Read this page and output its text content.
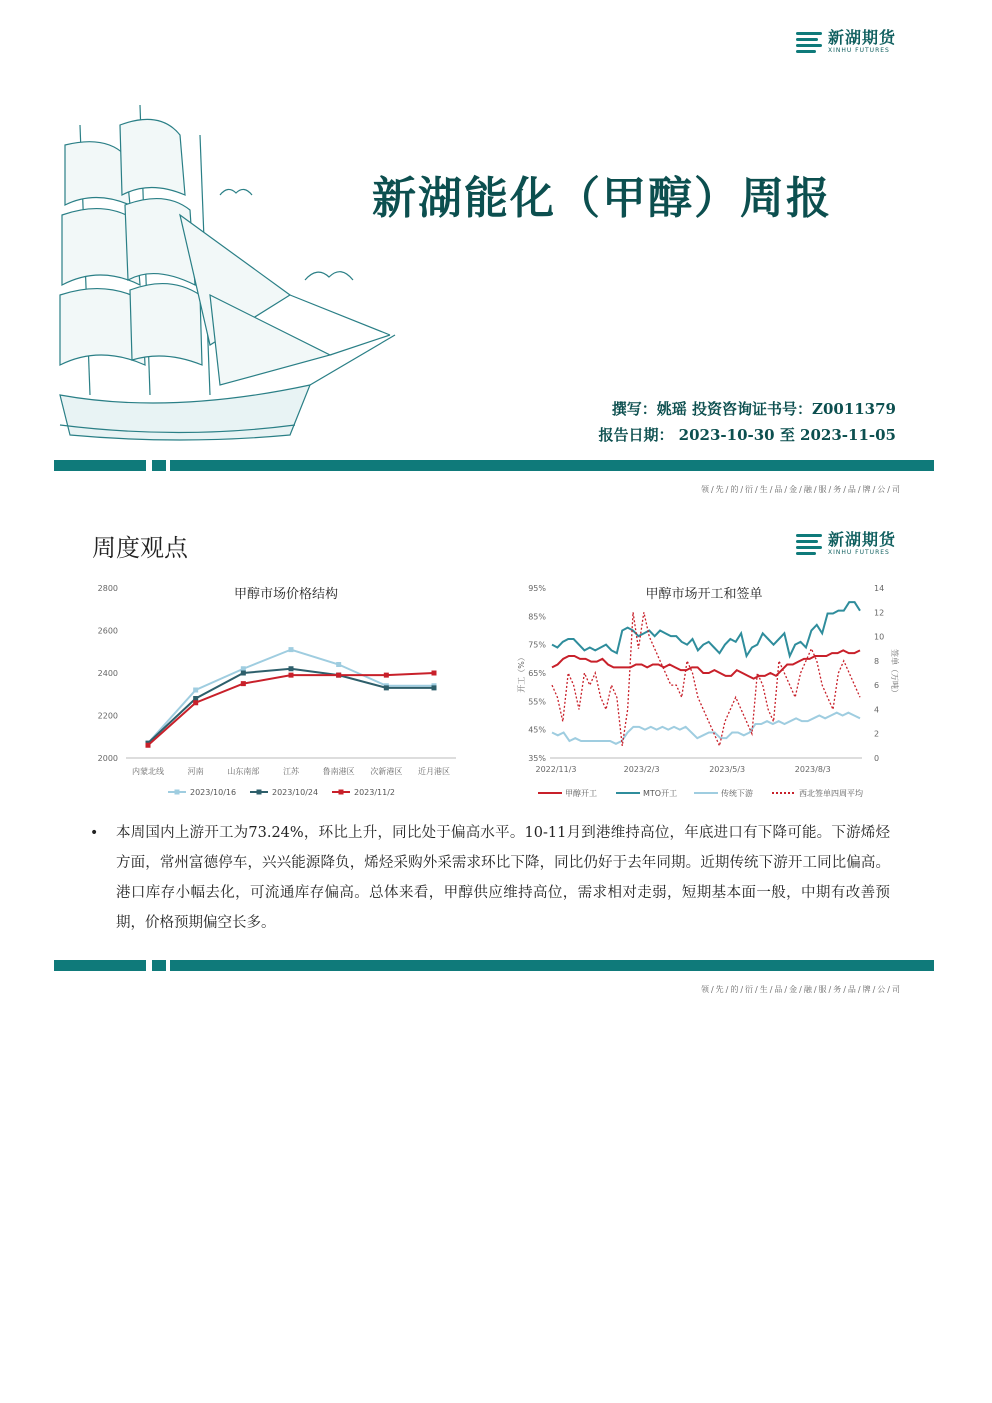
新湖期货
XINHU FUTURES
新湖能化（甲醇）周报
撰写：姚瑶 投资咨询证书号：Z0011379
报告日期： 2023-10-30 至 2023-11-05
领/先/的/衍/生/品/金/融/服/务/品/牌/公/司
周度观点	新湖期货
XINHU FUTURES
甲醇市场价格结构
2000
2200
2400
2600
2800
内蒙北线	河南	山东南部	江苏	鲁南港区 次新港区 近月港区
2023/10/16	2023/10/24	2023/11/2
甲醇市场开工和签单
35%
45%
55%
65%
75%
85%
95%
0
2
4
6
8
10
12
14
开工（%）	签单（万吨）
2022/11/3	2023/2/3	2023/5/3	2023/8/3
甲醇开工	MTO开工	传统下游	西北签单四周平均
•	本周国内上游开工为73.24%，环比上升，同比处于偏高水平。10-11月到港维持高位，年底进口有下降可能。下游烯烃方面，常州富德停车，兴兴能源降负，烯烃采购外采需求环比下降，同比仍好于去年同期。近期传统下游开工同比偏高。港口库存小幅去化，可流通库存偏高。总体来看，甲醇供应维持高位，需求相对走弱，短期基本面一般，中期有改善预期，价格预期偏空长多。

领/先/的/衍/生/品/金/融/服/务/品/牌/公/司
